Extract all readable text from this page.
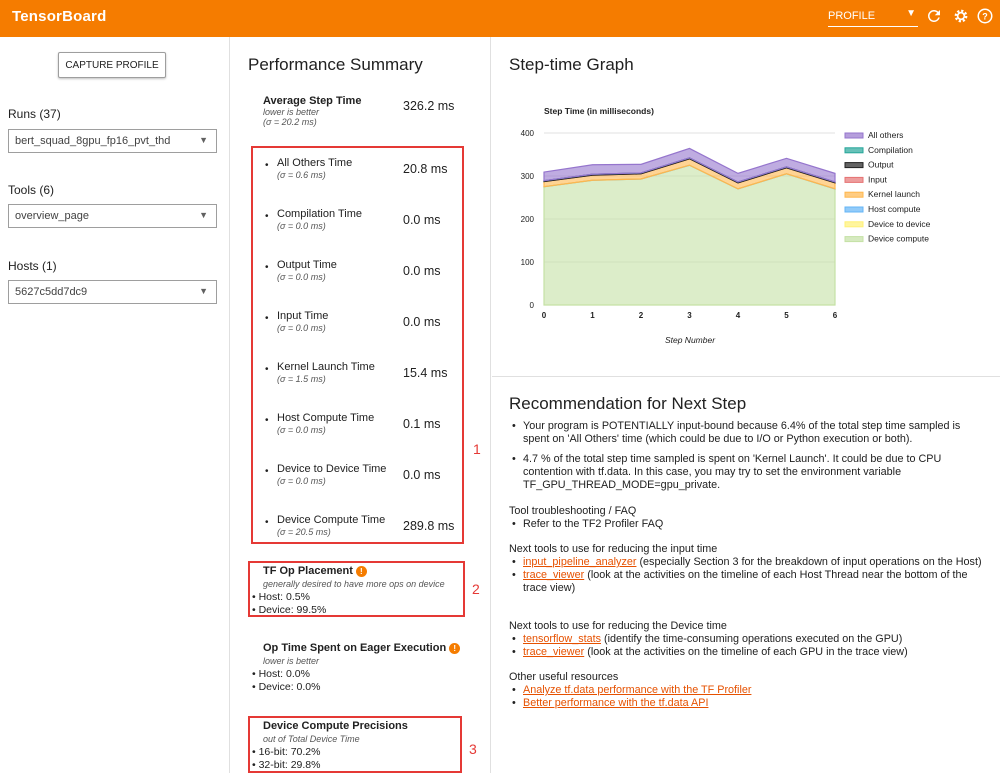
TensorBoard	PROFILE	▼	?
CAPTURE PROFILE
Runs (37)
bert_squad_8gpu_fp16_pvt_thd	▼
Tools (6)
overview_page	▼
Hosts (1)
5627c5dd7dc9	▼
Performance Summary
Average Step Time
lower is better
(σ = 20.2 ms)
326.2 ms
• All Others Time
(σ = 0.6 ms)	20.8 ms
• Compilation Time
(σ = 0.0 ms)	0.0 ms
• Output Time
(σ = 0.0 ms)	0.0 ms
• Input Time
(σ = 0.0 ms)	0.0 ms
• Kernel Launch Time
(σ = 1.5 ms)	15.4 ms
• Host Compute Time
(σ = 0.0 ms)	0.1 ms
• Device to Device Time
(σ = 0.0 ms)	0.0 ms
• Device Compute Time
(σ = 20.5 ms)	289.8 ms
1
TF Op Placement !
generally desired to have more ops on device
• Host: 0.5%
• Device: 99.5%
2
Op Time Spent on Eager Execution !
lower is better
• Host: 0.0%
• Device: 0.0%
Device Compute Precisions
out of Total Device Time
• 16-bit: 70.2%
• 32-bit: 29.8%
3
Step-time Graph
Step Time (in milliseconds)
0
100
200
300
400
0	1	2	3	4	5	6
Step Number
All others
Compilation
Output
Input
Kernel launch
Host compute
Device to device
Device compute
Recommendation for Next Step
• Your program is POTENTIALLY input-bound because 6.4% of the total step time sampled is spent on 'All Others' time (which could be due to I/O or Python execution or both).
• 4.7 % of the total step time sampled is spent on 'Kernel Launch'. It could be due to CPU contention with tf.data. In this case, you may try to set the environment variable TF_GPU_THREAD_MODE=gpu_private.
Tool troubleshooting / FAQ
• Refer to the TF2 Profiler FAQ
Next tools to use for reducing the input time
• input_pipeline_analyzer (especially Section 3 for the breakdown of input operations on the Host)
• trace_viewer (look at the activities on the timeline of each Host Thread near the bottom of the trace view)
Next tools to use for reducing the Device time
• tensorflow_stats (identify the time-consuming operations executed on the GPU)
• trace_viewer (look at the activities on the timeline of each GPU in the trace view)
Other useful resources
• Analyze tf.data performance with the TF Profiler
• Better performance with the tf.data API
